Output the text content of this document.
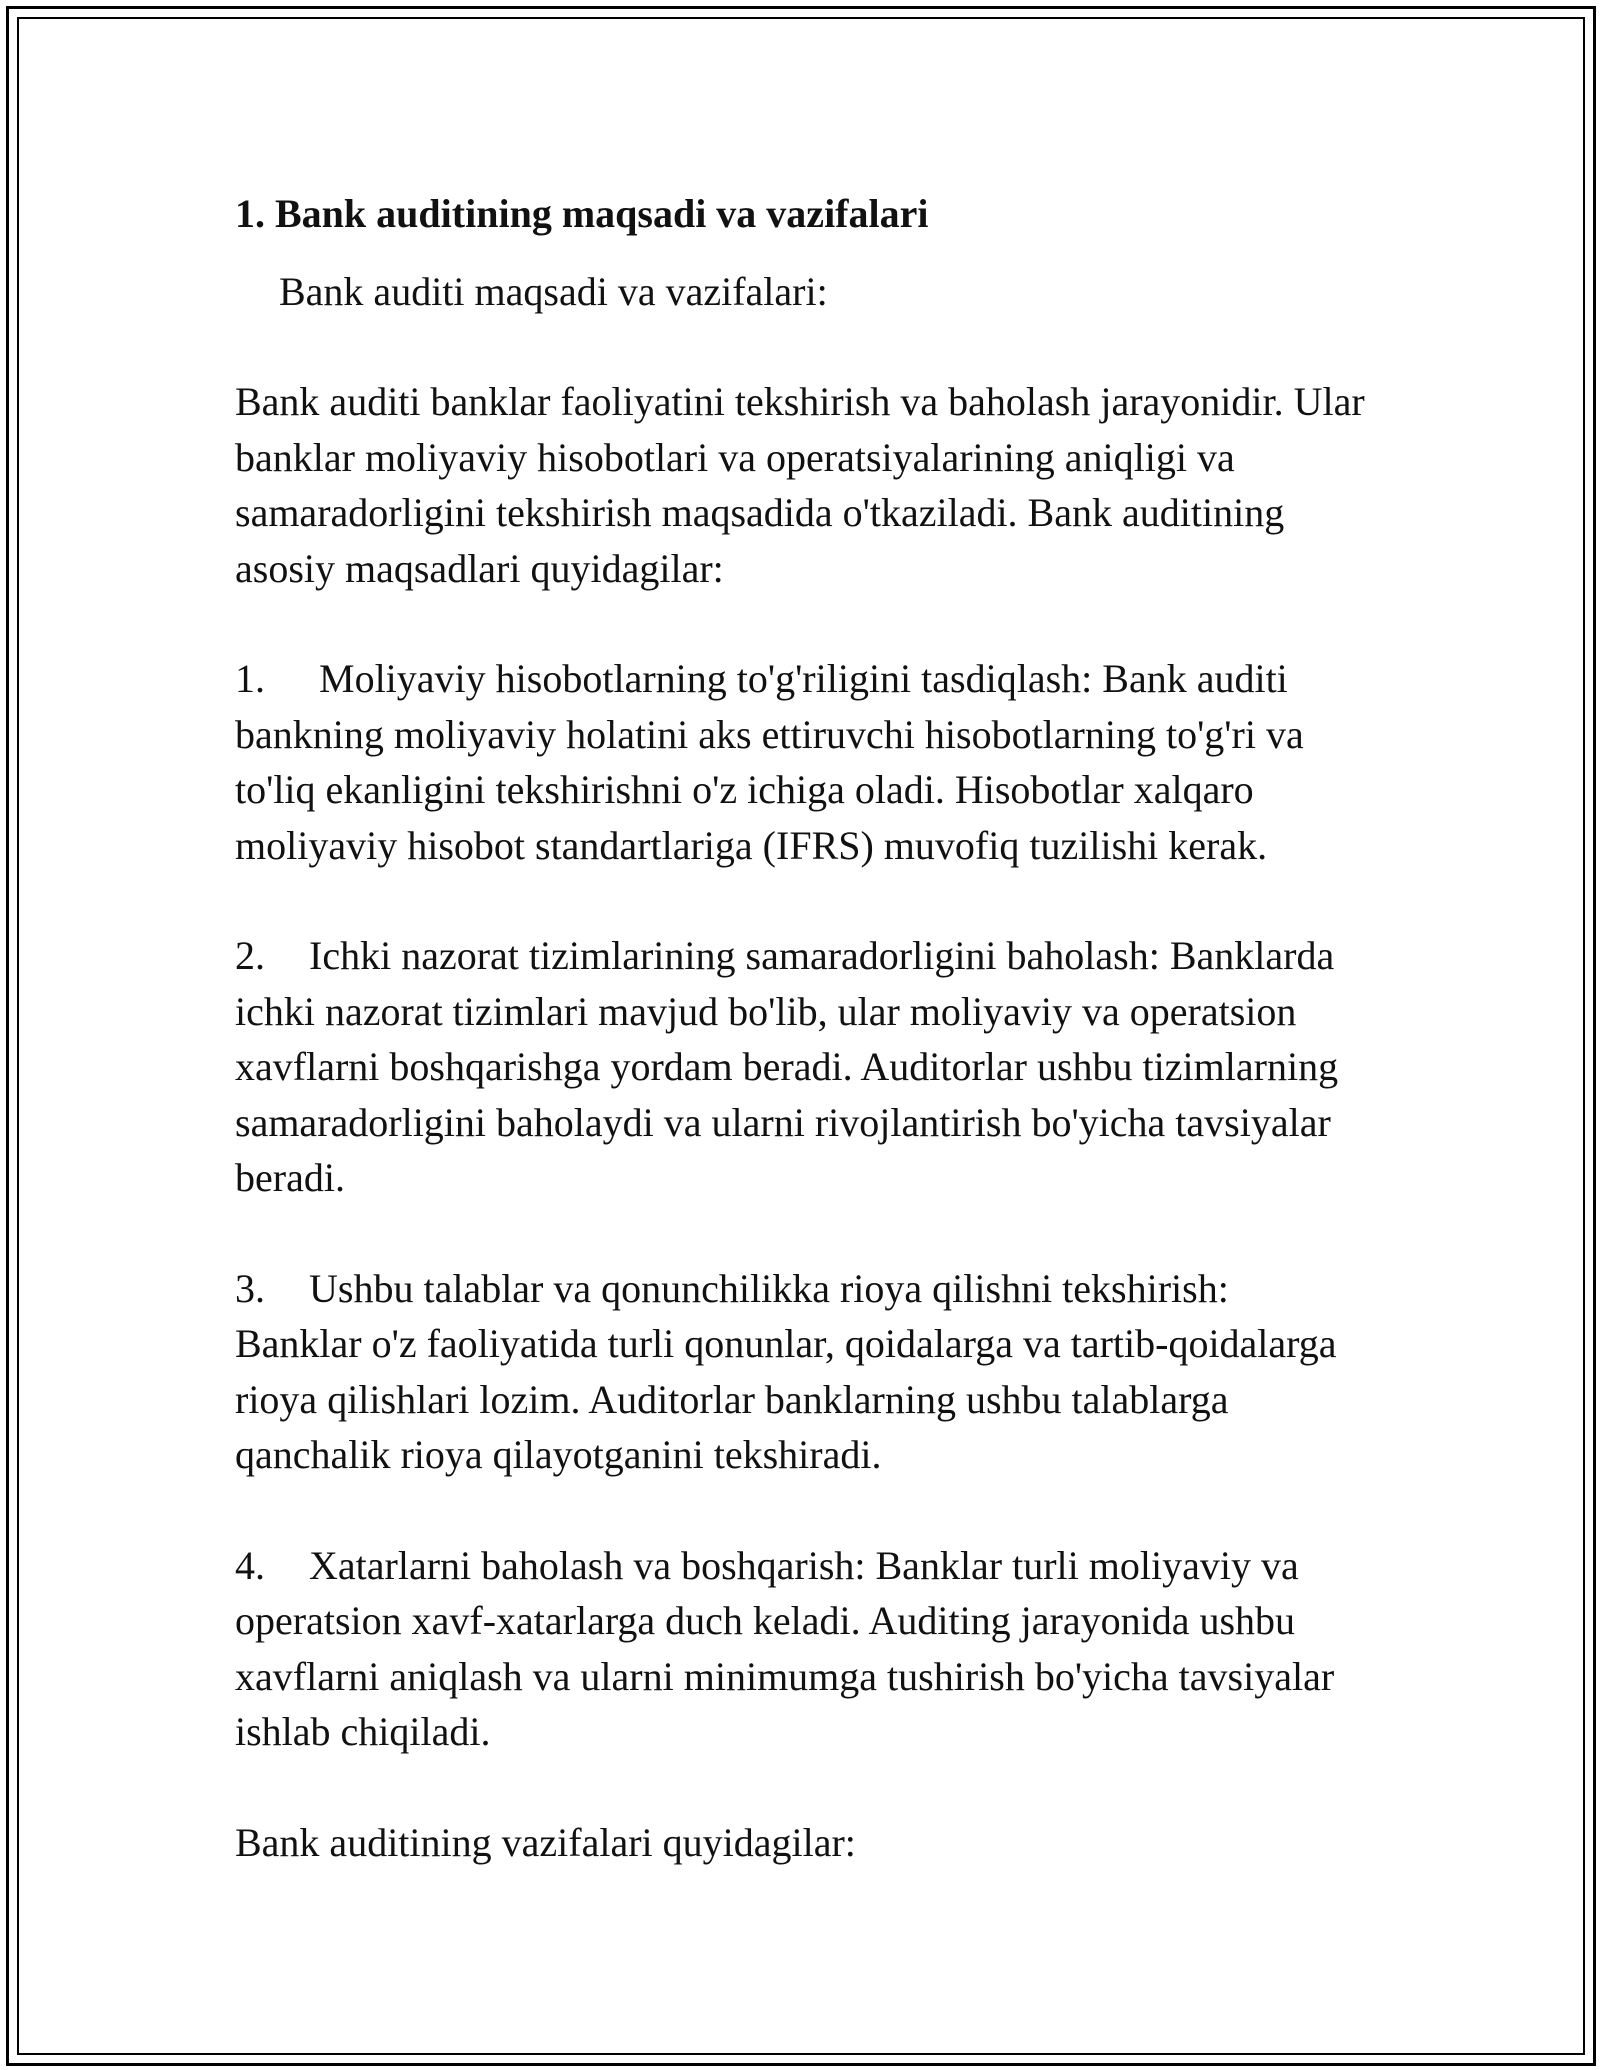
1. Bank auditining maqsadi va vazifalari

Bank auditi maqsadi va vazifalari:

Bank auditi banklar faoliyatini tekshirish va baholash jarayonidir. Ular banklar moliyaviy hisobotlari va operatsiyalarining aniqligi va samaradorligini tekshirish maqsadida o'tkaziladi. Bank auditining asosiy maqsadlari quyidagilar:

1. Moliyaviy hisobotlarning to'g'riligini tasdiqlash: Bank auditi bankning moliyaviy holatini aks ettiruvchi hisobotlarning to'g'ri va to'liq ekanligini tekshirishni o'z ichiga oladi. Hisobotlar xalqaro moliyaviy hisobot standartlariga (IFRS) muvofiq tuzilishi kerak.

2. Ichki nazorat tizimlarining samaradorligini baholash: Banklarda ichki nazorat tizimlari mavjud bo'lib, ular moliyaviy va operatsion xavflarni boshqarishga yordam beradi. Auditorlar ushbu tizimlarning samaradorligini baholaydi va ularni rivojlantirish bo'yicha tavsiyalar beradi.

3. Ushbu talablar va qonunchilikka rioya qilishni tekshirish: Banklar o'z faoliyatida turli qonunlar, qoidalarga va tartib-qoidalarga rioya qilishlari lozim. Auditorlar banklarning ushbu talablarga qanchalik rioya qilayotganini tekshiradi.

4. Xatarlarni baholash va boshqarish: Banklar turli moliyaviy va operatsion xavf-xatarlarga duch keladi. Auditing jarayonida ushbu xavflarni aniqlash va ularni minimumga tushirish bo'yicha tavsiyalar ishlab chiqiladi.

Bank auditining vazifalari quyidagilar:
